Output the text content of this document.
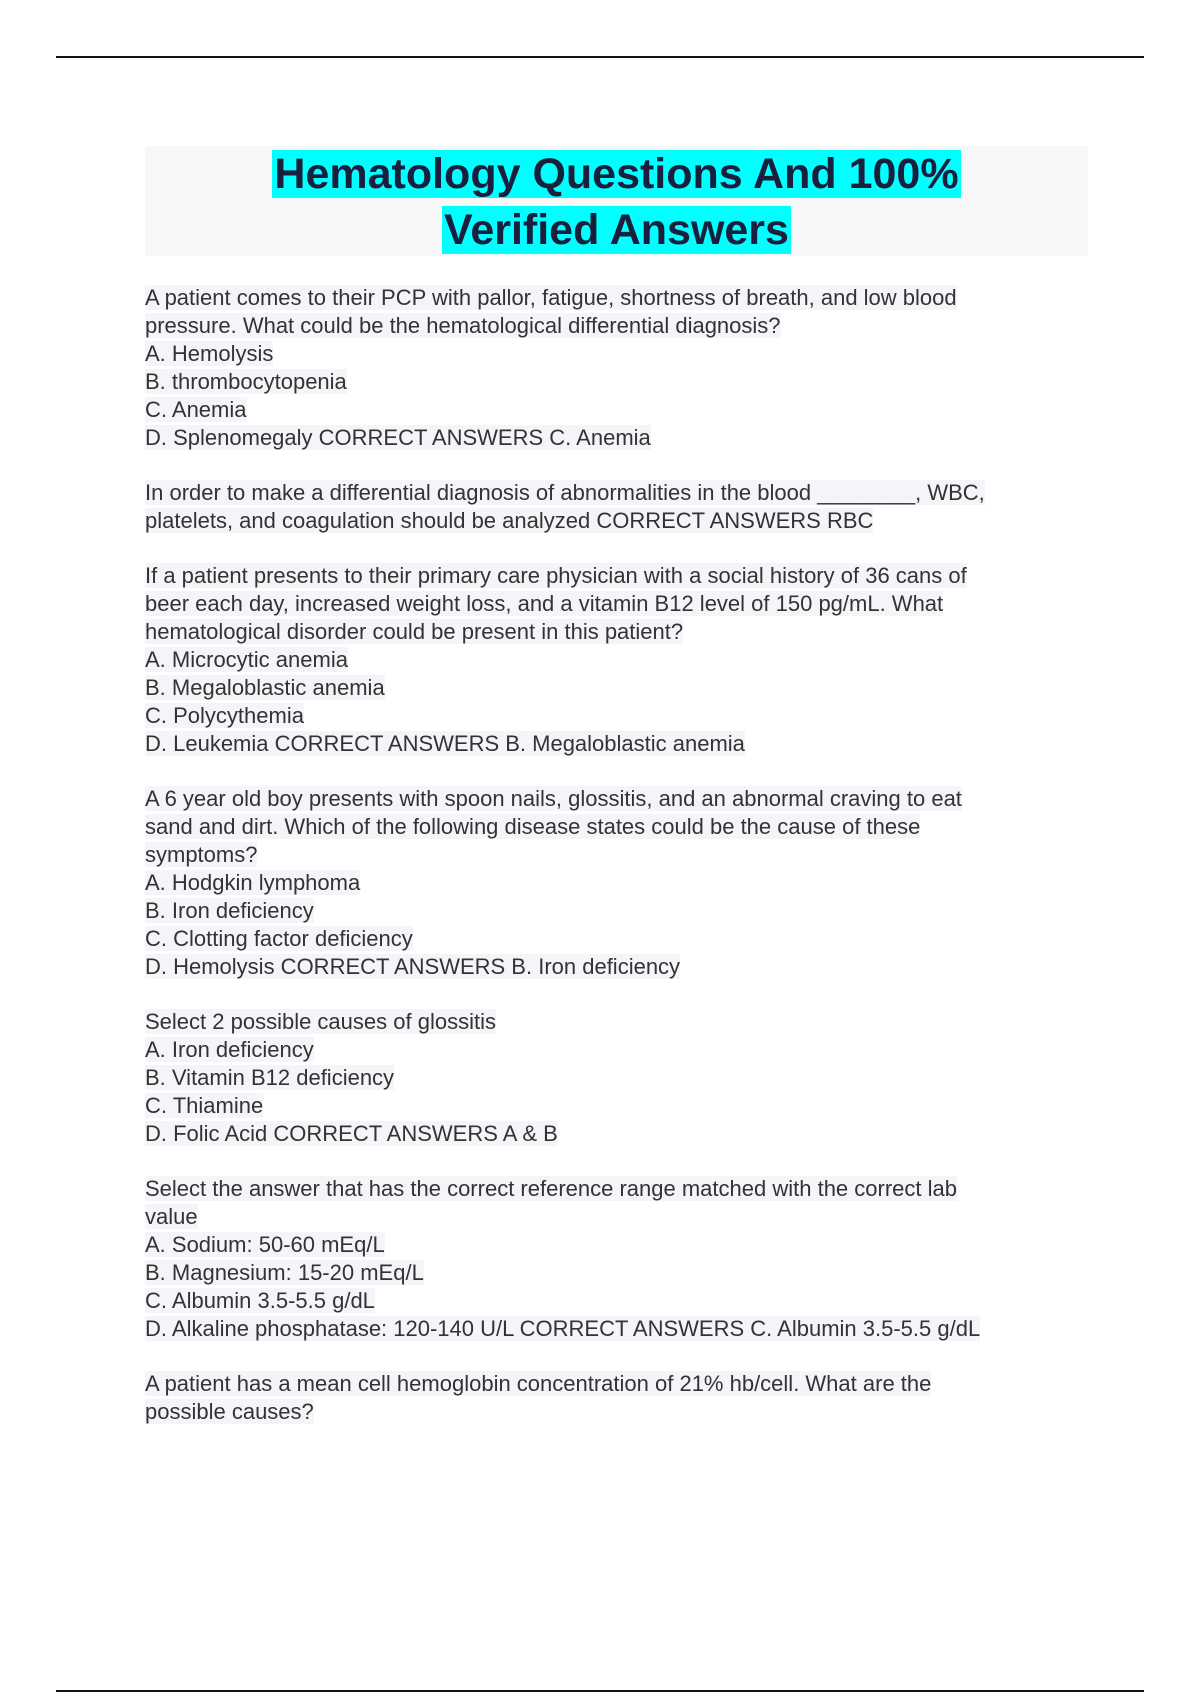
Hematology Questions And 100%
Verified Answers
A patient comes to their PCP with pallor, fatigue, shortness of breath, and low blood
pressure. What could be the hematological differential diagnosis?
A. Hemolysis
B. thrombocytopenia
C. Anemia
D. Splenomegaly CORRECT ANSWERS C. Anemia
In order to make a differential diagnosis of abnormalities in the blood ________, WBC,
platelets, and coagulation should be analyzed CORRECT ANSWERS RBC
If a patient presents to their primary care physician with a social history of 36 cans of
beer each day, increased weight loss, and a vitamin B12 level of 150 pg/mL. What
hematological disorder could be present in this patient?
A. Microcytic anemia
B. Megaloblastic anemia
C. Polycythemia
D. Leukemia CORRECT ANSWERS B. Megaloblastic anemia
A 6 year old boy presents with spoon nails, glossitis, and an abnormal craving to eat
sand and dirt. Which of the following disease states could be the cause of these
symptoms?
A. Hodgkin lymphoma
B. Iron deficiency
C. Clotting factor deficiency
D. Hemolysis CORRECT ANSWERS B. Iron deficiency
Select 2 possible causes of glossitis
A. Iron deficiency
B. Vitamin B12 deficiency
C. Thiamine
D. Folic Acid CORRECT ANSWERS A & B
Select the answer that has the correct reference range matched with the correct lab
value
A. Sodium: 50-60 mEq/L
B. Magnesium: 15-20 mEq/L
C. Albumin 3.5-5.5 g/dL
D. Alkaline phosphatase: 120-140 U/L CORRECT ANSWERS C. Albumin 3.5-5.5 g/dL
A patient has a mean cell hemoglobin concentration of 21% hb/cell. What are the
possible causes?
